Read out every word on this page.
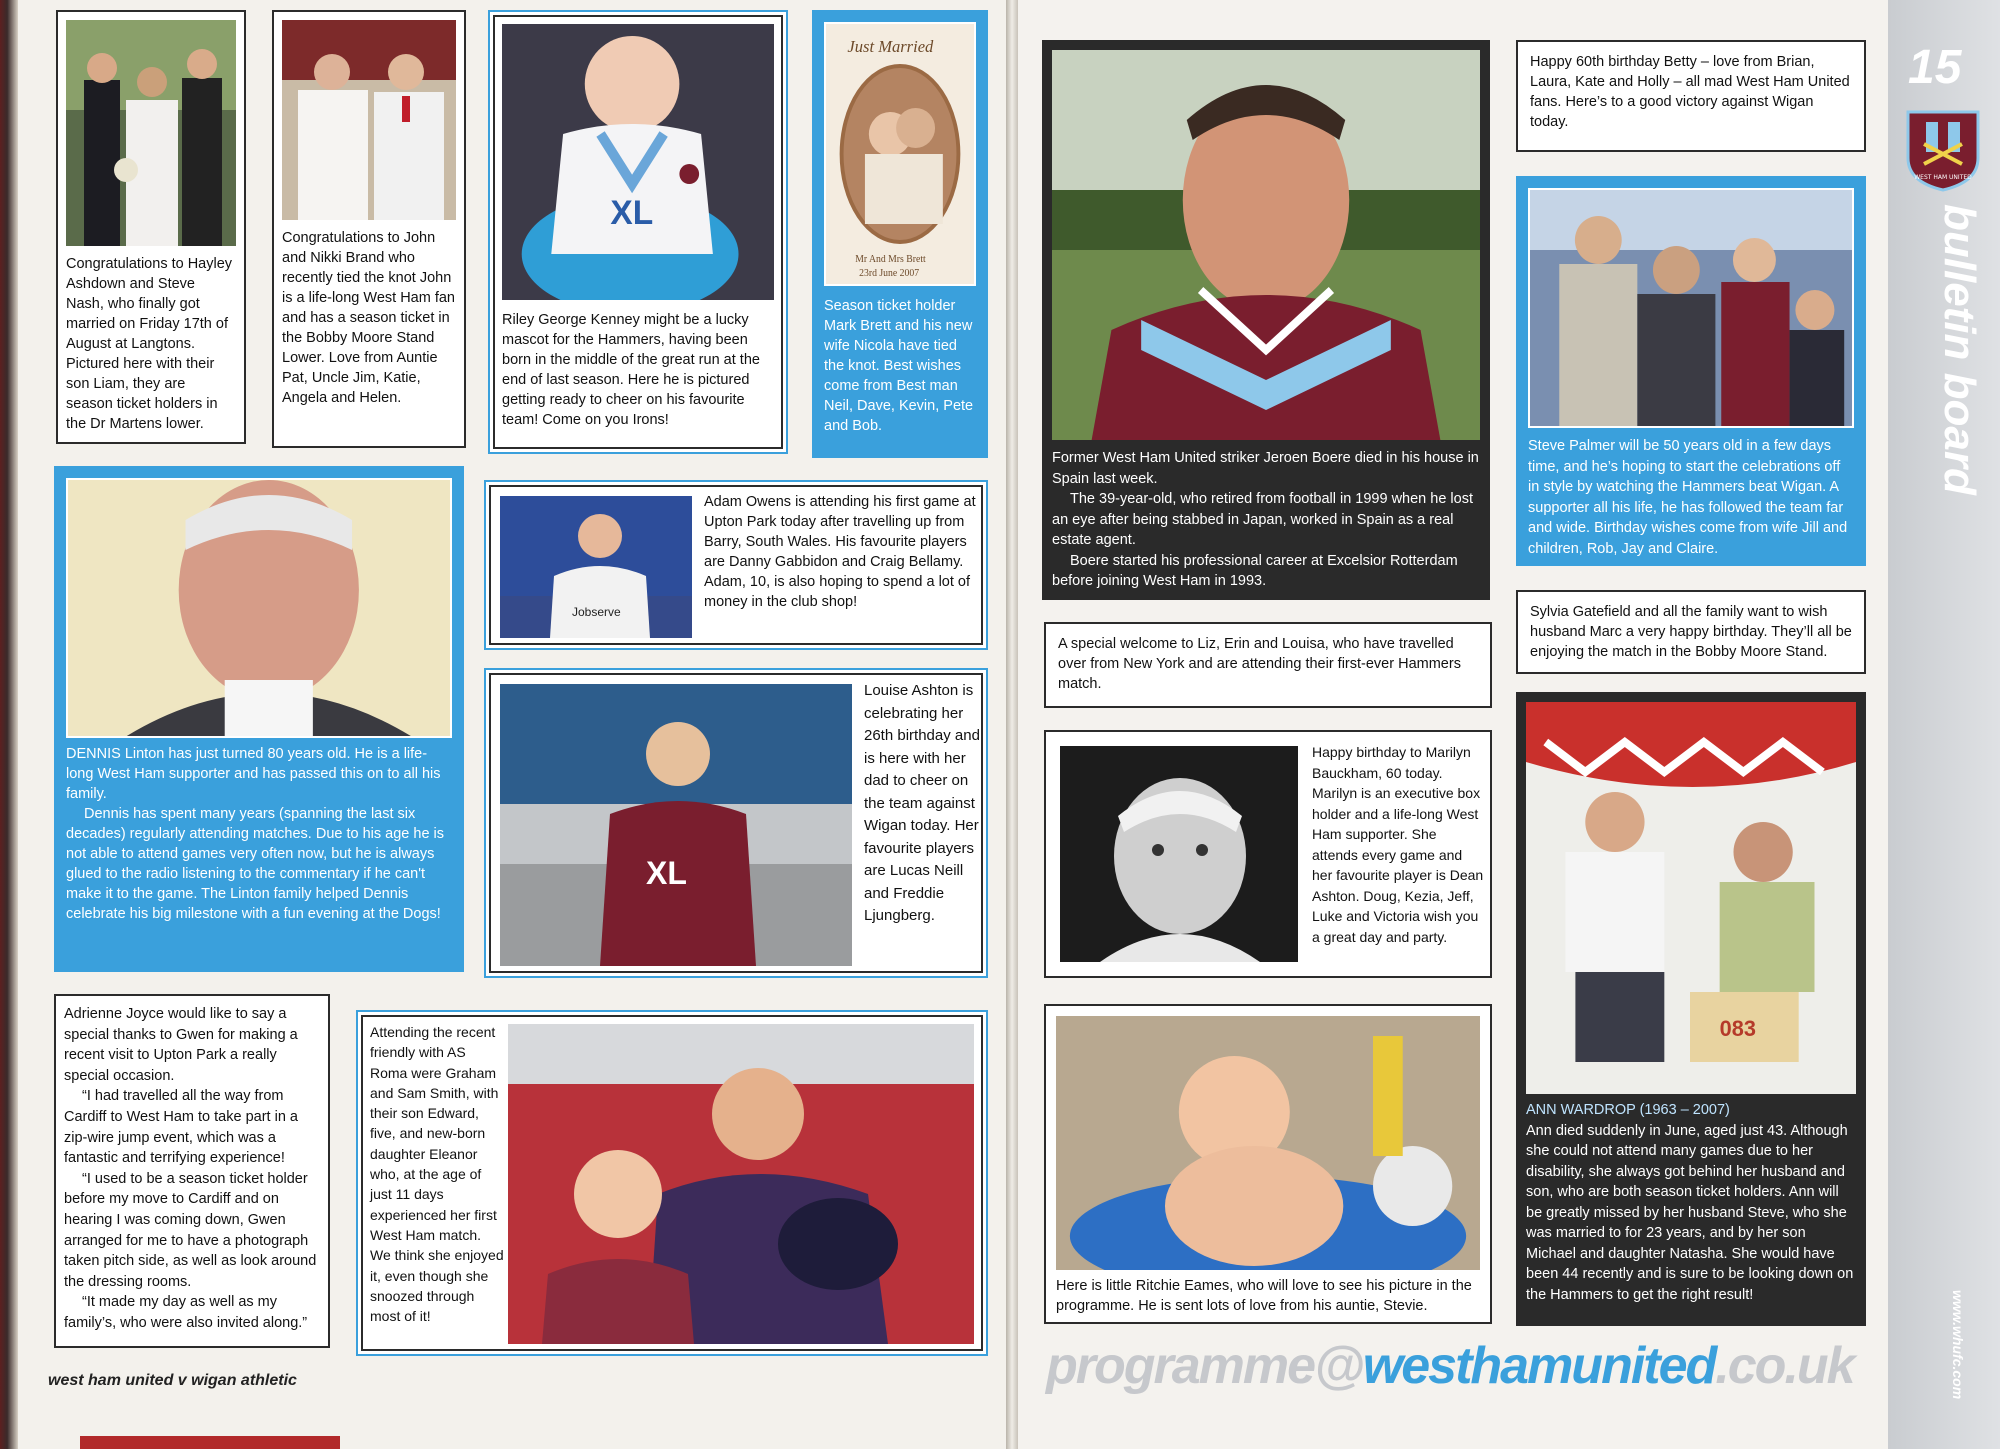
Congratulations to Hayley Ashdown and Steve Nash, who finally got married on Friday 17th of August at Langtons. Pictured here with their son Liam, they are season ticket holders in the Dr Martens lower.
Congratulations to John and Nikki Brand who recently tied the knot John is a life-long West Ham fan and has a season ticket in the Bobby Moore Stand Lower. Love from Auntie Pat, Uncle Jim, Katie, Angela and Helen.
XL
Riley George Kenney might be a lucky mascot for the Hammers, having been born in the middle of the great run at the end of last season. Here he is pictured getting ready to cheer on his favourite team! Come on you Irons!
Just Married
Mr And Mrs Brett
23rd June 2007
Season ticket holder Mark Brett and his new wife Nicola have tied the knot. Best wishes come from Best man Neil, Dave, Kevin, Pete and Bob.

DENNIS Linton has just turned 80 years old. He is a life-long West Ham supporter and has passed this on to all his family.

Dennis has spent many years (spanning the last six decades) regularly attending matches. Due to his age he is not able to attend games very often now, but he is always glued to the radio listening to the commentary if he can't make it to the game. The Linton family helped Dennis celebrate his big milestone with a fun evening at the Dogs!

Jobserve
Adam Owens is attending his first game at Upton Park today after travelling up from Barry, South Wales. His favourite players are Danny Gabbidon and Craig Bellamy. Adam, 10, is also hoping to spend a lot of money in the club shop!
XL
Louise Ashton is celebrating her 26th birthday and is here with her dad to cheer on the team against Wigan today. Her favourite players are Lucas Neill and Freddie Ljungberg.

Adrienne Joyce would like to say a special thanks to Gwen for making a recent visit to Upton Park a really special occasion.

“I had travelled all the way from Cardiff to West Ham to take part in a zip-wire jump event, which was a fantastic and terrifying experience!

“I used to be a season ticket holder before my move to Cardiff and on hearing I was coming down, Gwen arranged for me to have a photograph taken pitch side, as well as look around the dressing rooms.

“It made my day as well as my family’s, who were also invited along.”

Attending the recent friendly with AS Roma were Graham and Sam Smith, with their son Edward, five, and new-born daughter Eleanor who, at the age of just 11 days experienced her first West Ham match. We think she enjoyed it, even though she snoozed through most of it!
west ham united v wigan athletic

Former West Ham United striker Jeroen Boere died in his house in Spain last week.

The 39-year-old, who retired from football in 1999 when he lost an eye after being stabbed in Japan, worked in Spain as a real estate agent.

Boere started his professional career at Excelsior Rotterdam before joining West Ham in 1993.

Happy 60th birthday Betty – love from Brian, Laura, Kate and Holly – all mad West Ham United fans. Here’s to a good victory against Wigan today.
Steve Palmer will be 50 years old in a few days time, and he’s hoping to start the celebrations off in style by watching the Hammers beat Wigan. A supporter all his life, he has followed the team far and wide. Birthday wishes come from wife Jill and children, Rob, Jay and Claire.
Sylvia Gatefield and all the family want to wish husband Marc a very happy birthday. They’ll all be enjoying the match in the Bobby Moore Stand.
A special welcome to Liz, Erin and Louisa, who have travelled over from New York and are attending their first-ever Hammers match.
Happy birthday to Marilyn Bauckham, 60 today. Marilyn is an executive box holder and a life-long West Ham supporter. She attends every game and her favourite player is Dean Ashton. Doug, Kezia, Jeff, Luke and Victoria wish you a great day and party.
083
ANN WARDROP (1963 – 2007)
Ann died suddenly in June, aged just 43. Although she could not attend many games due to her disability, she always got behind her husband and son, who are both season ticket holders. Ann will be greatly missed by her husband Steve, who she was married to for 23 years, and by her son Michael and daughter Natasha. She would have been 44 recently and is sure to be looking down on the Hammers to get the right result!
Here is little Ritchie Eames, who will love to see his picture in the programme. He is sent lots of love from his auntie, Stevie.
programme@westhamunited.co.uk
15
WEST HAM UNITED
bulletin board
www.whufc.com
